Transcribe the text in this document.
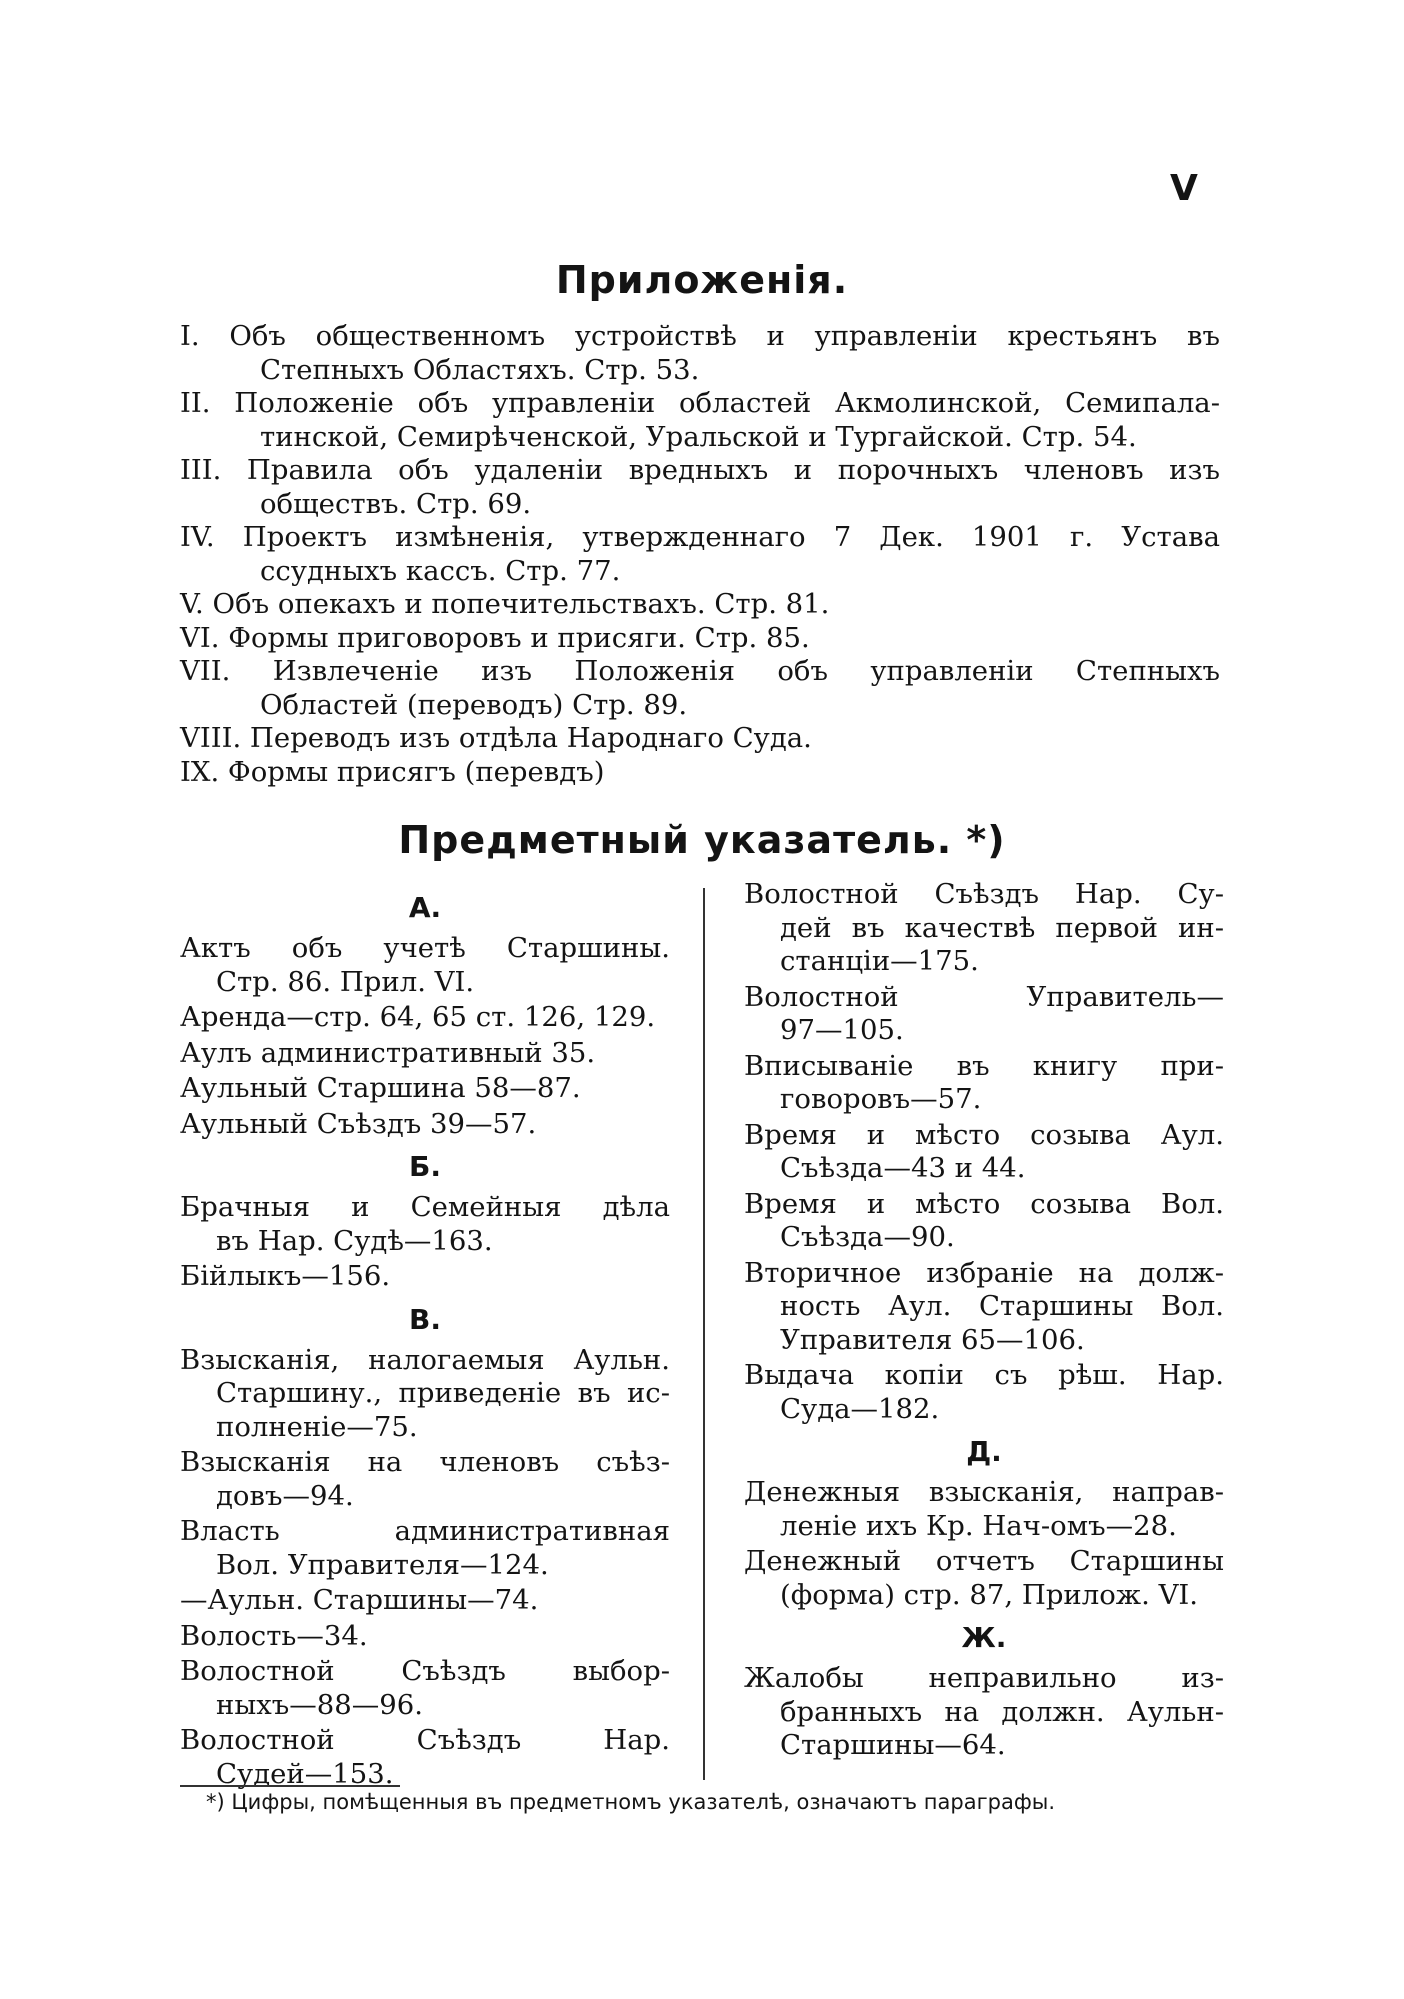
V
Приложенія.
I. Объ общественномъ устройствѣ и управленіи крестьянъ въ
Степныхъ Областяхъ. Стр. 53.
II. Положеніе объ управленіи областей Акмолинской, Семипала-
тинской, Семирѣченской, Уральской и Тургайской. Стр. 54.
III. Правила объ удаленіи вредныхъ и порочныхъ членовъ изъ
обществъ. Стр. 69.
IV. Проектъ измѣненія, утвержденнаго 7 Дек. 1901 г. Устава
ссудныхъ кассъ. Стр. 77.
V. Объ опекахъ и попечительствахъ. Стр. 81.
VI. Формы приговоровъ и присяги. Стр. 85.
VII. Извлеченіе изъ Положенія объ управленіи Степныхъ
Областей (переводъ) Стр. 89.
VIII. Переводъ изъ отдѣла Народнаго Суда.
IX. Формы присягъ (перевдъ)
Предметный указатель. *)
А.
Актъ объ учетѣ Старшины.
Стр. 86. Прил. VI.
Аренда—стр. 64, 65 ст. 126, 129.
Аулъ административный 35.
Аульный Старшина 58—87.
Аульный Съѣздъ 39—57.
Б.
Брачныя и Семейныя дѣла
въ Нар. Судѣ—163.
Бійлыкъ—156.
В.
Взысканія, налогаемыя Аульн.
Старшину., приведеніе въ ис-
полненіе—75.
Взысканія на членовъ съѣз-
довъ—94.
Власть административная
Вол. Управителя—124.
—Аульн. Старшины—74.
Волость—34.
Волостной Съѣздъ выбор-
ныхъ—88—96.
Волостной Съѣздъ Нар.
Судей—153.
Волостной Съѣздъ Нар. Су-
дей въ качествѣ первой ин-
станціи—175.
Волостной Управитель—
97—105.
Вписываніе въ книгу при-
говоровъ—57.
Время и мѣсто созыва Аул.
Съѣзда—43 и 44.
Время и мѣсто созыва Вол.
Съѣзда—90.
Вторичное избраніе на долж-
ность Аул. Старшины Вол.
Управителя 65—106.
Выдача копіи съ рѣш. Нар.
Суда—182.
Д.
Денежныя взысканія, направ-
леніе ихъ Кр. Нач-омъ—28.
Денежный отчетъ Старшины
(форма) стр. 87, Прилож. VI.
Ж.
Жалобы неправильно из-
бранныхъ на должн. Аульн-
Старшины—64.
*) Цифры, помѣщенныя въ предметномъ указателѣ, означаютъ параграфы.
